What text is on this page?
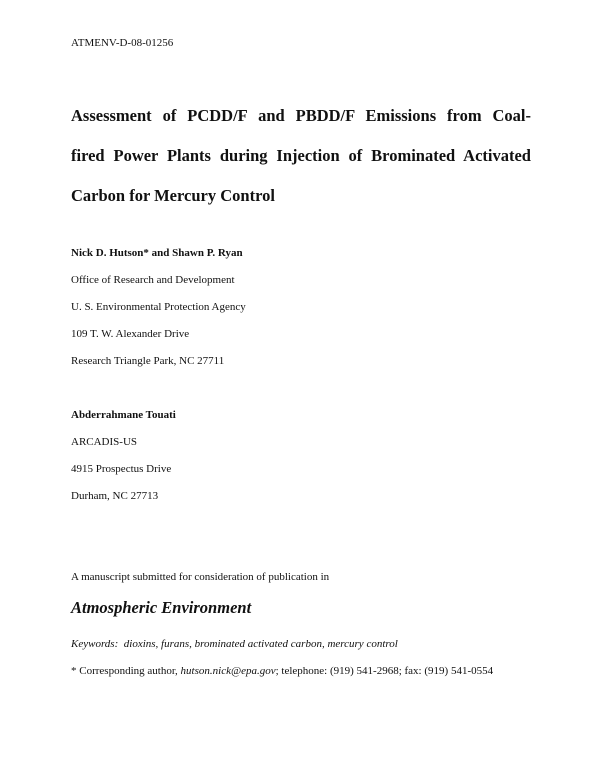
ATMENV-D-08-01256
Assessment of PCDD/F and PBDD/F Emissions from Coal-
fired Power Plants during Injection of Brominated Activated
Carbon for Mercury Control
Nick D. Hutson* and Shawn P. Ryan
Office of Research and Development
U. S. Environmental Protection Agency
109 T. W. Alexander Drive
Research Triangle Park, NC 27711
Abderrahmane Touati
ARCADIS-US
4915 Prospectus Drive
Durham, NC 27713
A manuscript submitted for consideration of publication in
Atmospheric Environment
Keywords: dioxins, furans, brominated activated carbon, mercury control
* Corresponding author, hutson.nick@epa.gov; telephone: (919) 541-2968; fax: (919) 541-0554
